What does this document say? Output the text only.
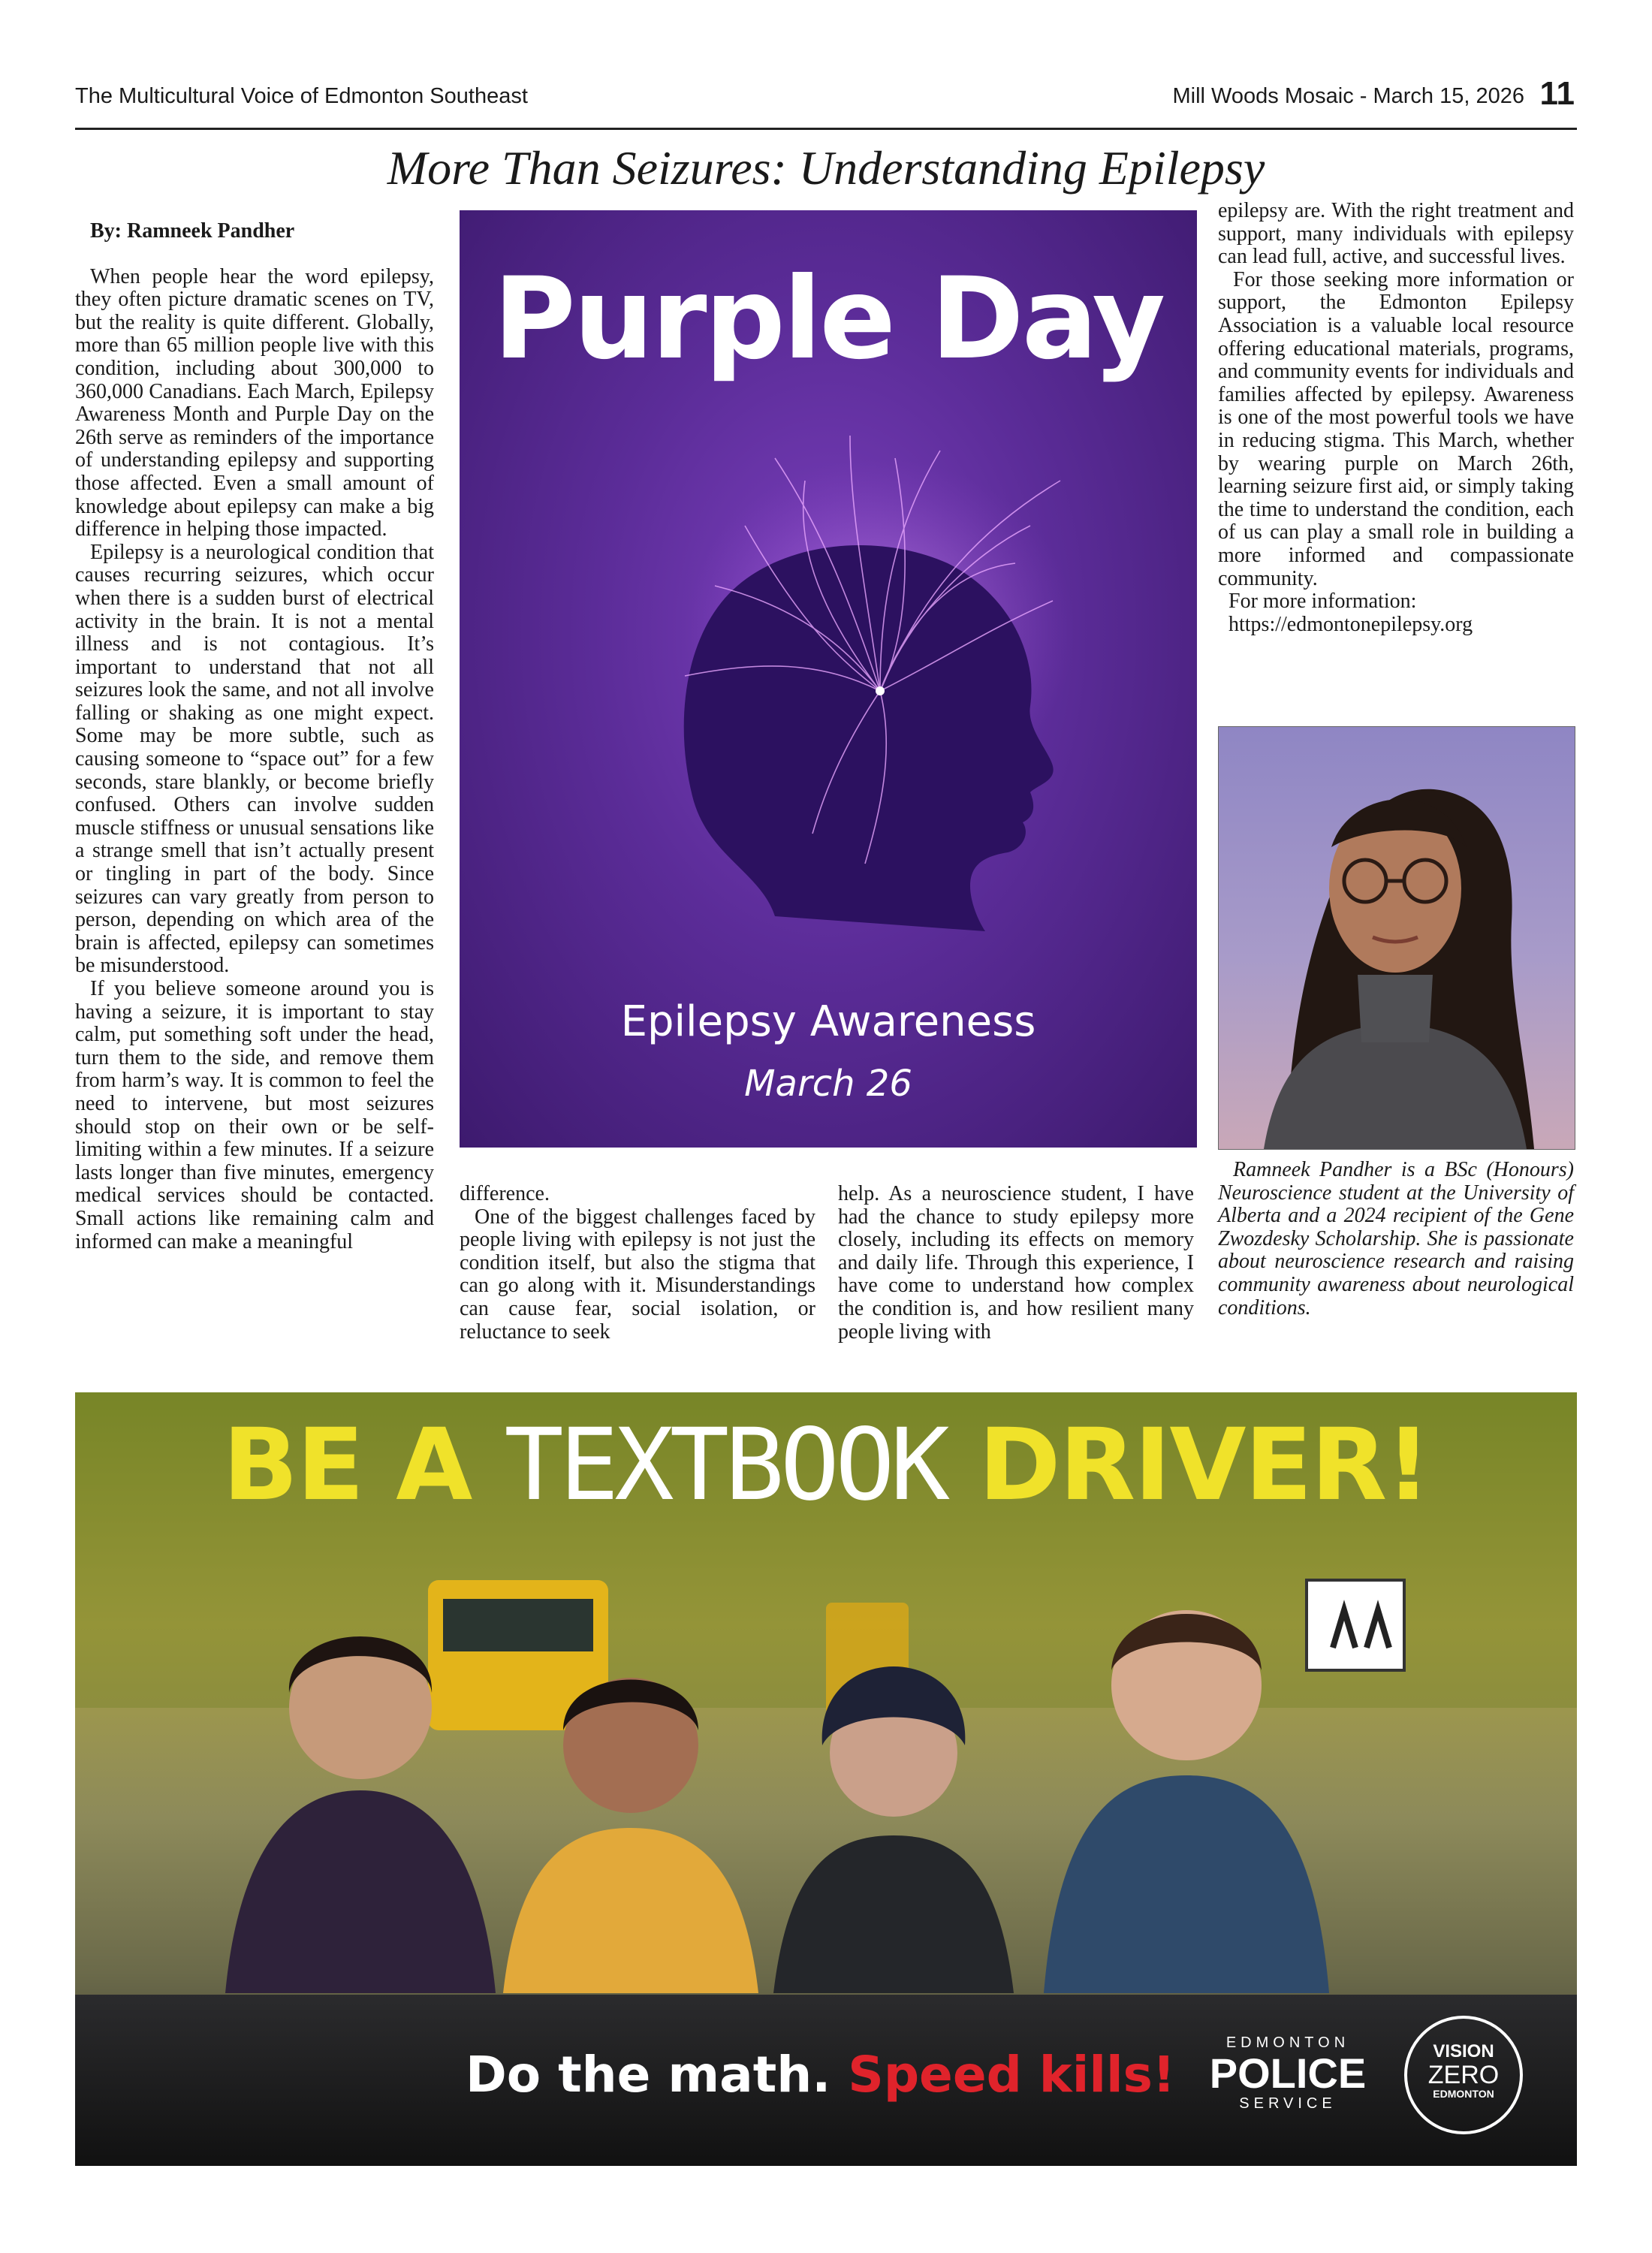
The Multicultural Voice of Edmonton Southeast	Mill Woods Mosaic - March 15, 2026 11
More Than Seizures: Understanding Epilepsy
By: Ramneek Pandher

When people hear the word epilepsy, they often picture dramatic scenes on TV, but the reality is quite different. Globally, more than 65 million people live with this condition, including about 300,000 to 360,000 Canadians. Each March, Epilepsy Awareness Month and Purple Day on the 26th serve as reminders of the importance of understanding epilepsy and supporting those affected. Even a small amount of knowledge about epilepsy can make a big difference in helping those impacted.

Epilepsy is a neurological condition that causes recurring seizures, which occur when there is a sudden burst of electrical activity in the brain. It is not a mental illness and is not contagious. It’s important to understand that not all seizures look the same, and not all involve falling or shaking as one might expect. Some may be more subtle, such as causing someone to “space out” for a few seconds, stare blankly, or become briefly confused. Others can involve sudden muscle stiffness or unusual sensations like a strange smell that isn’t actually present or tingling in part of the body. Since seizures can vary greatly from person to person, depending on which area of the brain is affected, epilepsy can sometimes be misunderstood.

If you believe someone around you is having a seizure, it is important to stay calm, put something soft under the head, turn them to the side, and remove them from harm’s way. It is common to feel the need to intervene, but most seizures should stop on their own or be self-limiting within a few minutes. If a seizure lasts longer than five minutes, emergency medical services should be contacted. Small actions like remaining calm and informed can make a meaningful

Purple Day
Epilepsy Awareness
March 26

difference.

One of the biggest challenges faced by people living with epilepsy is not just the condition itself, but also the stigma that can go along with it. Misunderstandings can cause fear, social isolation, or reluctance to seek

help. As a neuroscience student, I have had the chance to study epilepsy more closely, including its effects on memory and daily life. Through this experience, I have come to understand how complex the condition is, and how resilient many people living with

epilepsy are. With the right treatment and support, many individuals with epilepsy can lead full, active, and successful lives.

For those seeking more information or support, the Edmonton Epilepsy Association is a valuable local resource offering educational materials, programs, and community events for individuals and families affected by epilepsy. Awareness is one of the most powerful tools we have in reducing stigma. This March, whether by wearing purple on March 26th, learning seizure first aid, or simply taking the time to understand the condition, each of us can play a small role in building a more informed and compassionate community.

For more information:

https://edmontonepilepsy.org

Ramneek Pandher is a BSc (Honours) Neuroscience student at the University of Alberta and a 2024 recipient of the Gene Zwozdesky Scholarship. She is passionate about neuroscience research and raising community awareness about neurological conditions.

BE A TEXTBOOK DRIVER!
Do the math. Speed kills!
EDMONTON
POLICE
SERVICE
VISION
ZERO
EDMONTON
